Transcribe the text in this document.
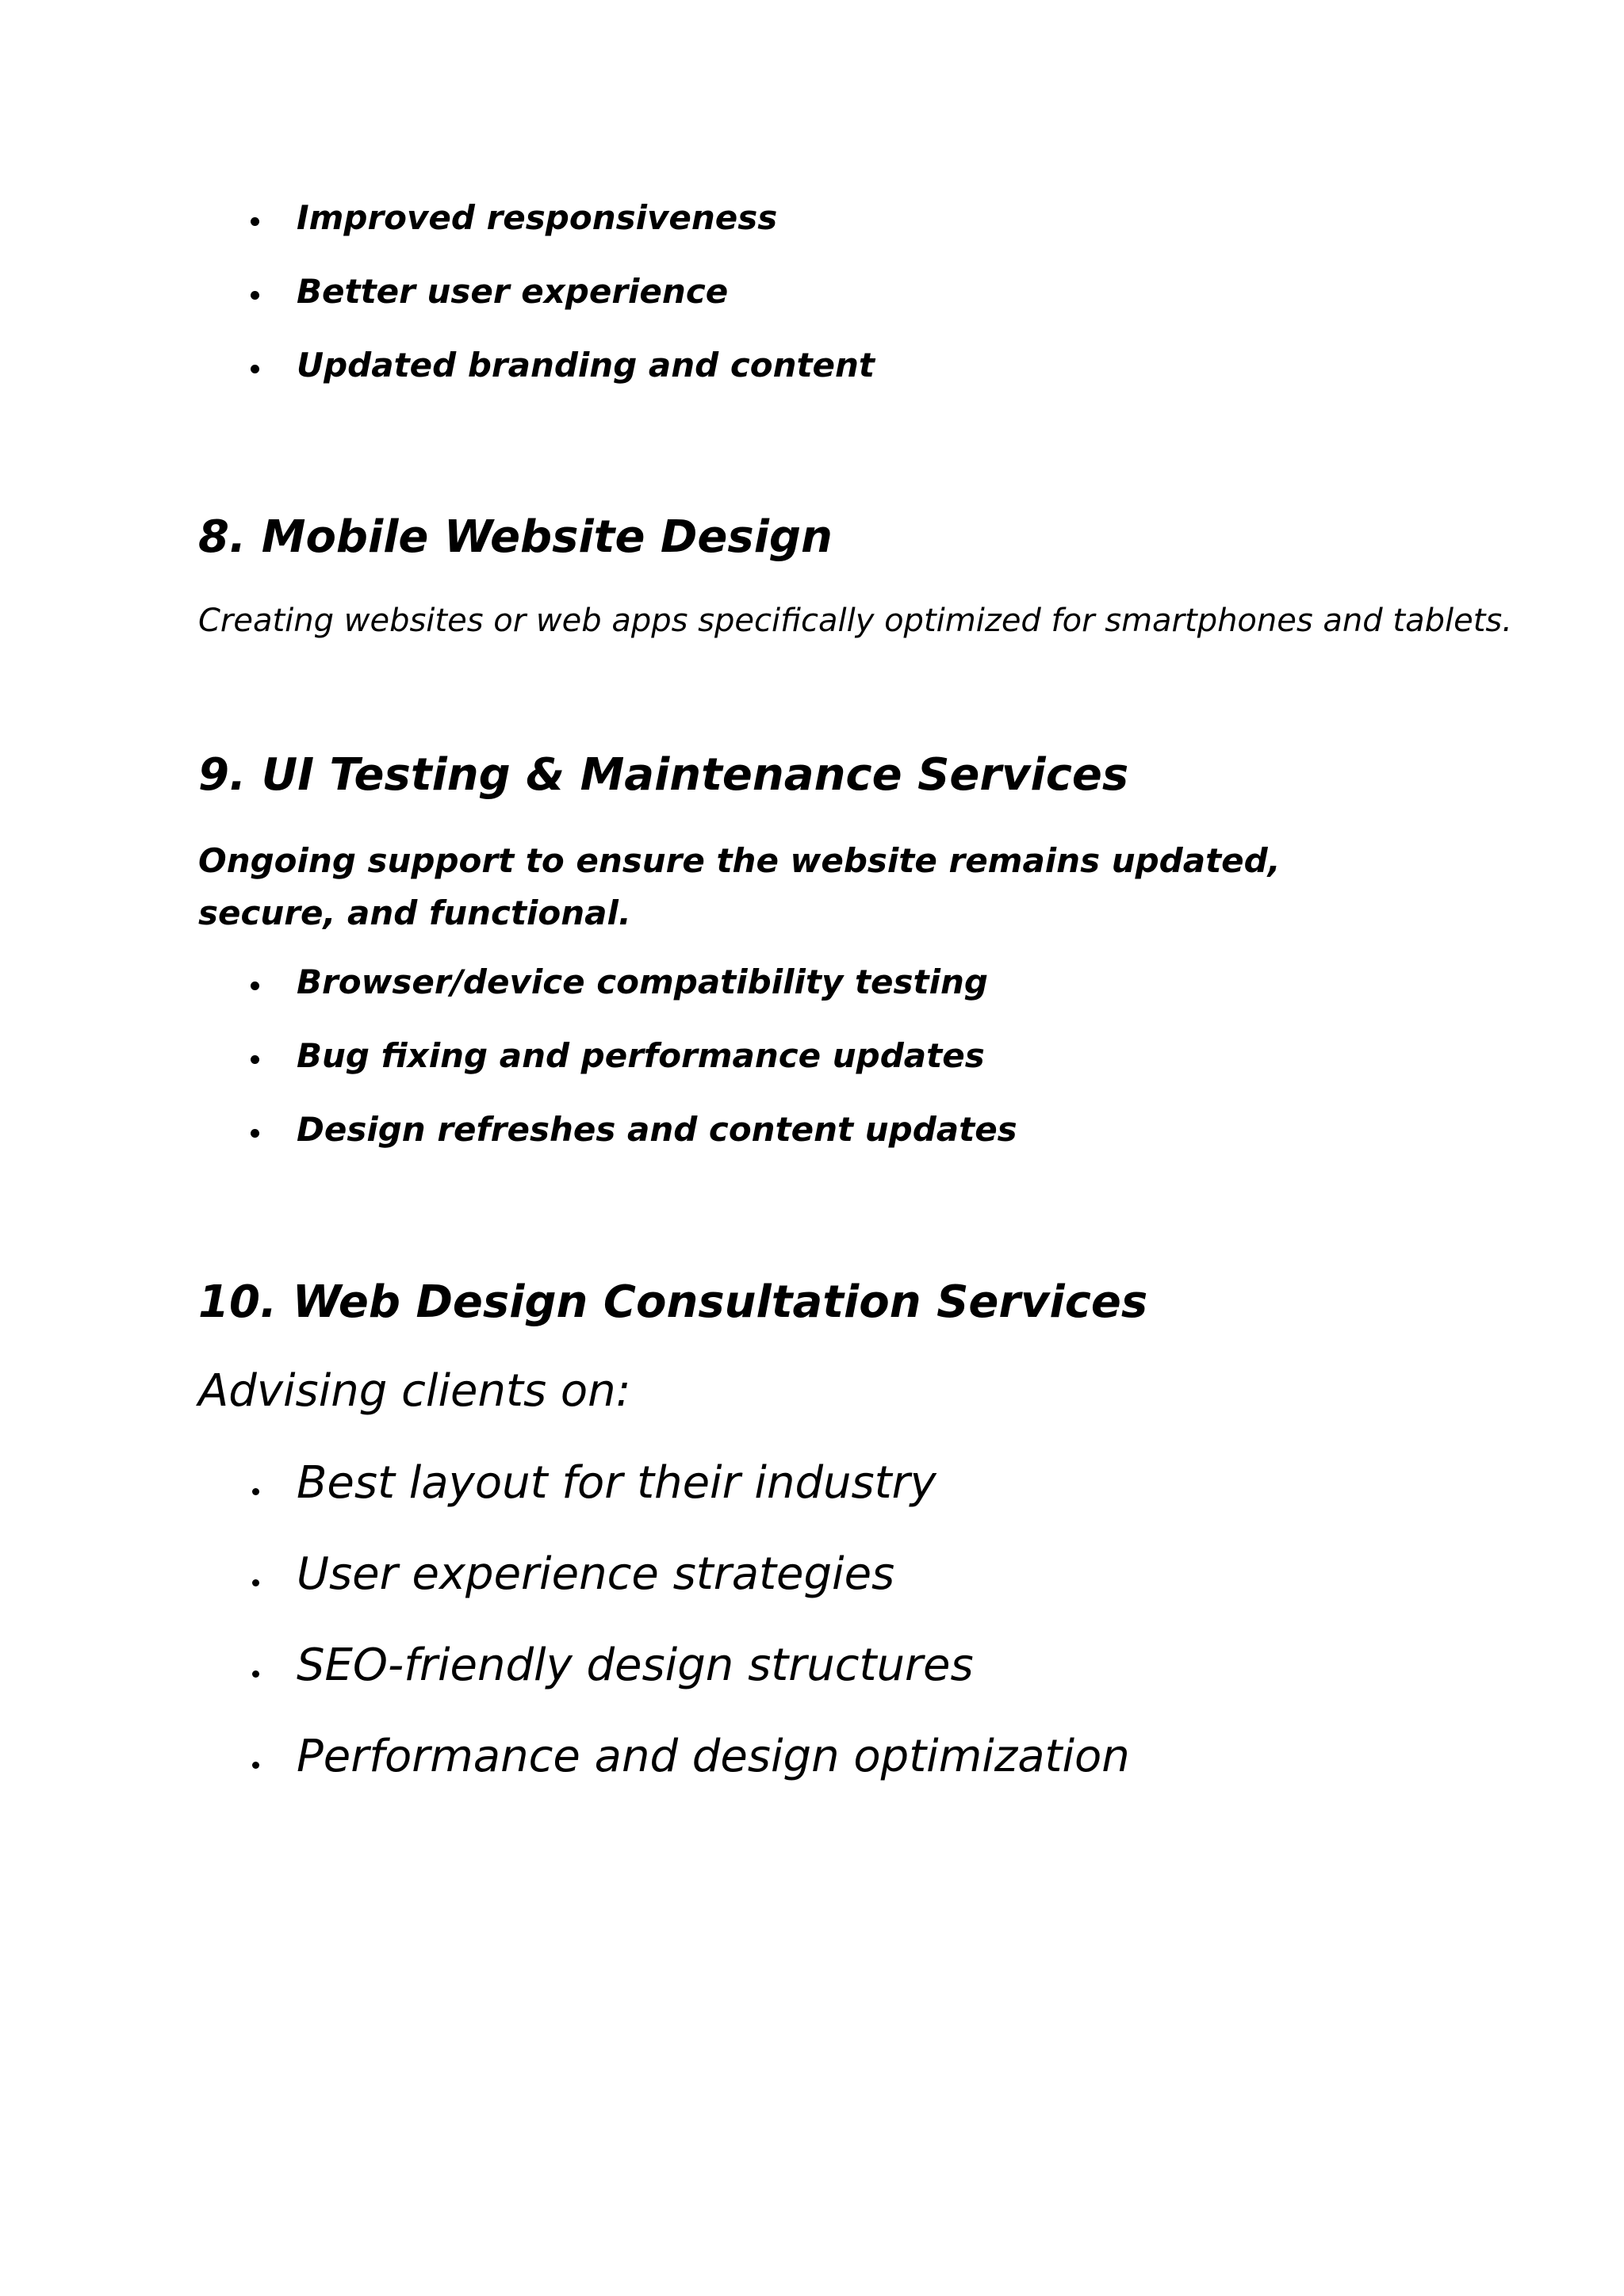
Improved responsiveness
Better user experience
Updated branding and content
8. Mobile Website Design
Creating websites or web apps specifically optimized for smartphones and tablets.
9. UI Testing & Maintenance Services
Ongoing support to ensure the website remains updated, secure, and functional.
Browser/device compatibility testing
Bug fixing and performance updates
Design refreshes and content updates
10. Web Design Consultation Services
Advising clients on:
Best layout for their industry
User experience strategies
SEO-friendly design structures
Performance and design optimization
